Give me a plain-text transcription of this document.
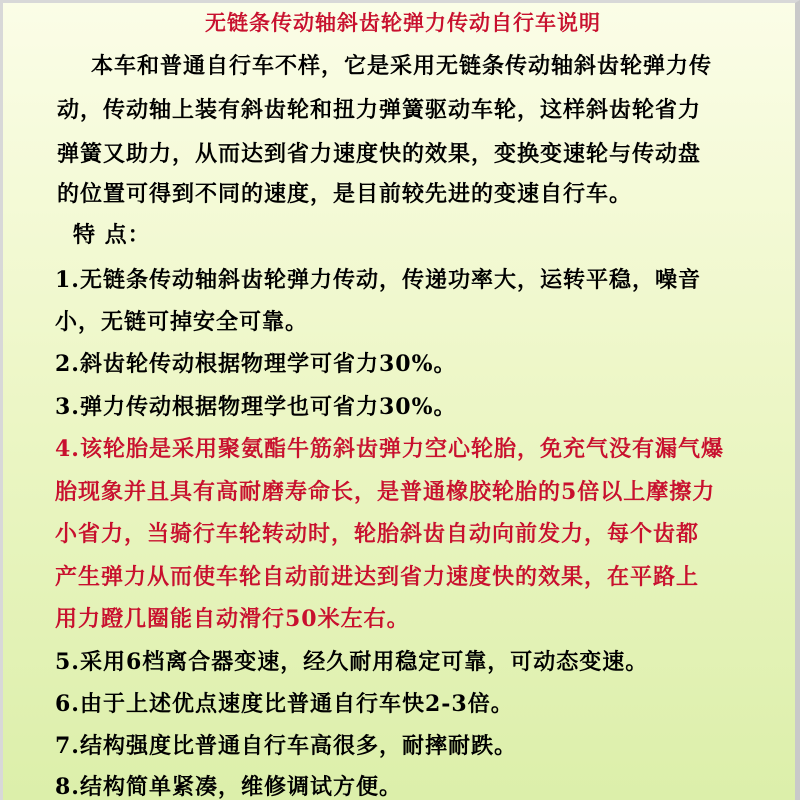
无链条传动轴斜齿轮弹力传动自行车说明
本车和普通自行车不样，它是采用无链条传动轴斜齿轮弹力传
动，传动轴上装有斜齿轮和扭力弹簧驱动车轮，这样斜齿轮省力
弹簧又助力，从而达到省力速度快的效果，变换变速轮与传动盘
的位置可得到不同的速度，是目前较先进的变速自行车。
特 点：
1.无链条传动轴斜齿轮弹力传动，传递功率大，运转平稳，噪音
小，无链可掉安全可靠。
2.斜齿轮传动根据物理学可省力30%。
3.弹力传动根据物理学也可省力30%。
4.该轮胎是采用聚氨酯牛筋斜齿弹力空心轮胎，免充气没有漏气爆
胎现象并且具有高耐磨寿命长，是普通橡胶轮胎的5倍以上摩擦力
小省力，当骑行车轮转动时，轮胎斜齿自动向前发力，每个齿都
产生弹力从而使车轮自动前进达到省力速度快的效果，在平路上
用力蹬几圈能自动滑行50米左右。
5.采用6档离合器变速，经久耐用稳定可靠，可动态变速。
6.由于上述优点速度比普通自行车快2-3倍。
7.结构强度比普通自行车高很多，耐摔耐跌。
8.结构简单紧凑，维修调试方便。
